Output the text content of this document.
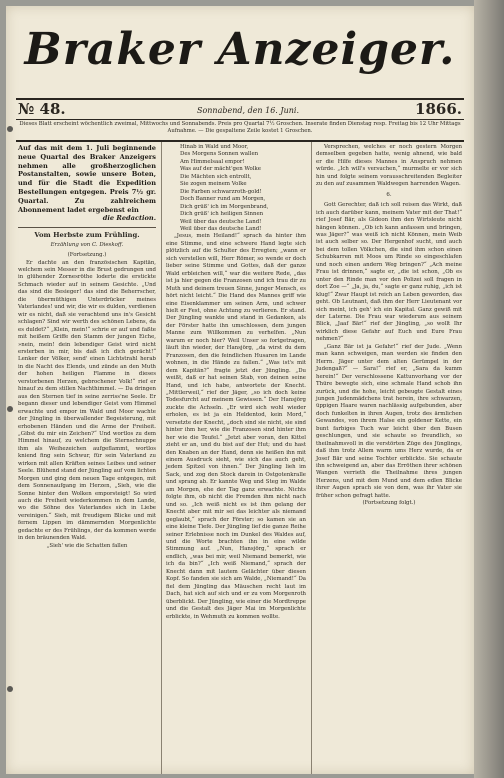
Braker Anzeiger.
№ 48.	Sonnabend, den 16. Juni.	1866.
Dieses Blatt erscheint wöchentlich zweimal, Mittwochs und Sonnabends. Preis pro Quartal 7½ Groschen. Inserate finden Dienstag resp. Freitag bis 12 Uhr Mittags Aufnahme. — Die gespaltene Zeile kostet 1 Groschen.
Auf das mit dem 1. Juli beginnende neue Quartal des Braker Anzeigers nehmen alle großherzoglichen Postanstalten, sowie unsere Boten, und für die Stadt die Expedition Bestellungen entgegen. Preis 7½ gr. Quartal. Zu zahlreichem Abonnement ladet ergebenst ein
die Redaction.
Vom Herbste zum Frühling.
Erzählung von C. Dieskoff.
(Fortsetzung.)

Er dachte an den französischen Kapitän, welchem sein Messer in die Brust gedrungen und in glühender Zornesröthe loderte die erstickte Schmach wieder auf in seinem Gesichte. „Und das sind die Besieger! das sind die Beherrscher, die übermüthigen Unterdrücker meines Vaterlandes! und wir, die wir es dulden, verdienen wir es nicht, daß sie verachtend uns in's Gesicht schlagen? Sind wir werth des schönen Lebens, da es duldet?“ „Klein, mein!“ schrie er auf und faßte mit heißem Griffe den Stamm der jungen Eiche, »nein, mein! dein lebendiger Geist wird nicht ersterben in mir, bis daß ich dich gerächt!“ Lenker der Völker, send' einen Lichtstrahl herab in die Nacht des Elends, und zünde an den Muth der hohen heiligen Flamme in dieses verstorbenen Herzen, gebrochener Volk!“ rief er hinauf zu dem stillen Nachthimmel. — Da dringen aus den Sternen tief in seine zerriss'ne Seele. Er begann dieser und lebendiger Geist vom Himmel erwachte und empor im Wald und Moor wachte der Jüngling in überwallender Begeisterung, mit erhobenen Händen und die Arme der Freiheit. „Gibst du mir ein Zeichen?“ Und wortlos zu dem Himmel hinauf, zu welchem die Sternschnuppe ihm als Weihezeichen aufgeflammt, wortlos kniend fing sein Schwur, für sein Vaterland zu wirken mit allen Kräften seines Leibes und seiner Seele. Blühend stand der Jüngling auf vom lichten Morgen und ging dem neuen Tage entgegen, mit dem Sonnenaufgang im Herzen, „Sieh, wie die Sonne hinter den Wolken emporsteigt! So wird auch die Freiheit wiederkommen in dem Lande, wo die Söhne des Vaterlandes sich in Liebe vereinigen.“ Sieh, mit freudigem Blicke und mit fernem Lippen im dämmernden Morgenlichte gedachte er des Frühlings, der da kommen werde in den bräunenden Wald.

„Sieh' wie die Schatten fallen
Hinab in Wald und Moor,
Des Morgens Sonnen wallen
Am Himmelsaal empor!
Was auf der mächt'gen Wolke
Die Mächten sich entrollt,
Sie zogen meinem Volke
Die Farben schwarzroth-gold!
Doch Banner rund am Morgen,
Dich grüß' ich im Morgenbrand,
Dich grüß' ich heiligen Sinnen
Weil über das deutsche Land!
Weil über das deutsche Land!

„Jesus, mein Heiland!“ sprach da hinter ihm eine Stimme, und eine schwere Hand legte sich plötzlich auf die Schulter des Erregten; „wann er sich verstellen will, Herr Römer, so wende er doch lieber seine Stimme und Gottes, daß der ganze Wald erbleichen will,“ war die weitere Rede, „das ist ja hier gegen die Franzosen und ich trau dir zu Muth und deinem treuen Sinne, junger Mensch, es hört nicht leicht.“ Die Hand des Mannes griff wie eine Eisenklammer um seinen Arm, und schwer hielt er Fest, ohne Achtung zu verlieren. Er stand. Der Jüngling wankte und stand in Gedanken, als der Förster hatte ihn umschlossen, dem jungen Manne zum Willkommen zu verhelfen. „Nun warum er noch hier? Weil Unser so fortgetragen, läuft ihn wieder, der Hansjörg, „da wirst du dem Franzosen, den die feindlichen Husaren im Lande wohnen, in die Hände zu fallen.“ „Was ist's mit dem Kapitän?“ fragte jetzt der Jüngling. „Du weißt, daß er hat seinen Stab, von deinen seine Hand, und ich habe, antwortete der Knecht. „Mittlerweil,“ rief der Jäger, „so ich doch keine Todesfurcht auf meinem Gewissen.“ Der Hansjörg zuckte die Achseln. „Er wird sich wohl wieder erholen, es ist ja ein Heldentod, kein Mord,“ versetzte der Knecht, „doch sind sie nicht, sie sind hinter ihm her, wie die Franzosen sind hinter ihm her wie die Teufel.“ „Jetzt aber voran, den Kittel zieht er an, und du bist auf der Hut; und du hast den Knaben an der Hand, denn sie heißen ihn mit einem Ausdruck sieht, wie sich das auch geht, jedem Spitzel von ihnen.“ Der Jüngling lieh im Sack, und zog den Stock darein in Ostgotenkralle und sprang ab. Er kannte Weg und Steg im Walde am Morgen, ehe der Tag ganz erwachte. Nichts folgte ihm, ob nicht die Fremden ihm nicht nach und so. „Ich weiß nicht es ist ihm gelang der Knecht aber mit mir sei das leichter als niemand geglaubt,“ sprach der Förster; so kamen sie an eine kleine Tiefe. Der Jüngling lief die ganze Reihe seiner Erlebnisse noch im Dunkel des Waldes auf, und die Worte brachten ihn in eine wilde Stimmung auf. „Nun, Hansjörg,“ sprach er endlich, „was bei mir, weil Niemand bemerkt, wie ich da bin?“ „Ich weiß Niemand,“ sprach der Knecht dann mit lautem Gelächter über diesen Kopf. So fanden sie sich am Walde, „Niemand!“ Da fiel dem Jüngling das Mäuschen recht laut im Dach, hat sich auf sich und er zu vom Morgenroth überblickt. Der Jüngling, wie einer die Mordtreppe und die Gestalt des Jäger Mai im Morgenlichte erblickte, in Wehmuth zu kommen wollte.

Versprechen, welches er noch gestern Morgen demselben gegeben hatte, wenig ahnend, wie bald er die Hilfe dieses Mannes in Anspruch nehmen würde. „Ich will's versuchen,“ murmelte er vor sich hin und folgte seinem vorausschreitenden Begleiter zu den auf zusammen Waldwegen harrenden Wagen.

6.

Gott Gerechter, daß ich soll reisen das Wirkt, daß ich auch darüber kann, meinem Vater mit der That!“ rief Josef Bär, als Gideon ihm den Wirtsleute nicht hängen können. „Ob ich kann anfassen und bringen, was Jäger?“ was weiß ich nicht Können, mein Weib ist auch selber so. Der Hergenhof sucht, und auch bei dem tollen Völkchen, die sind ihm schon einen Schubkarren mit Moos um Rinde so eingeschlafen und noch einen andern Weg bringen?“ „Ach meine Frau ist drinnen,“ sagte er, „die ist schon, „Ob es unter den Rinde man vor den Polizei soll fragen in dort Zoe —“ „Ja, ja, du,“ sagte er ganz ruhig, „ich ist klug!“ Zwar Haupt ist reich an Leben geworden, das geht. Ob Leutnant, daß ihm der Herr Lieutenant vor sich meint, ich geh' ich ein Kapital. Ganz gewiß mit der Laterne. Die Frau war wiederum aus seinem Blick, „Jaaf Bär!“ rief der Jüngling, „so wollt Ihr wirklich diese Gefahr auf Euch und Eure Frau nehmen?“

„Ganz Bär ist ja Gefahr!“ rief der Jude. „Wenn man kann schweigen, man werden sie finden den Herrn. Jäger unter dem alten Gerümpel in der Judengaß?“ — Sara!“ rief er, „Sara da kumm herein!“ Der verschlossene Kattunvorhang vor der Thüre bewegte sich, eine schmale Hand schob ihn zurück, und die hohe, leicht gebeugte Gestalt eines jungen Judenmädchens trat herein, ihre schwarzen, üppigen Haare waren nachlässig aufgebunden, aber doch funkelten in ihren Augen, trotz des ärmlichen Gewandes, von ihrem Halse ein goldener Kette, ein bunt farbiges Tuch war leicht über den Busen geschlungen, und sie schaute so freundlich, so theilnahmsvoll in die verstörten Züge des Jünglings, daß ihm trotz Allem warm ums Herz wurde, da er Josef Bär und seine Tochter erblickte. Sie schaute ihn schweigend an, aber das Erröthen ihrer schönen Wangen verrieth die Theilnahme ihres jungen Herzens, und mit dem Mund und dem edlen Blicke ihrer Augen sprach sie von dem, was ihr Vater sie früher schon gefragt hatte.

(Fortsetzung folgt.)
